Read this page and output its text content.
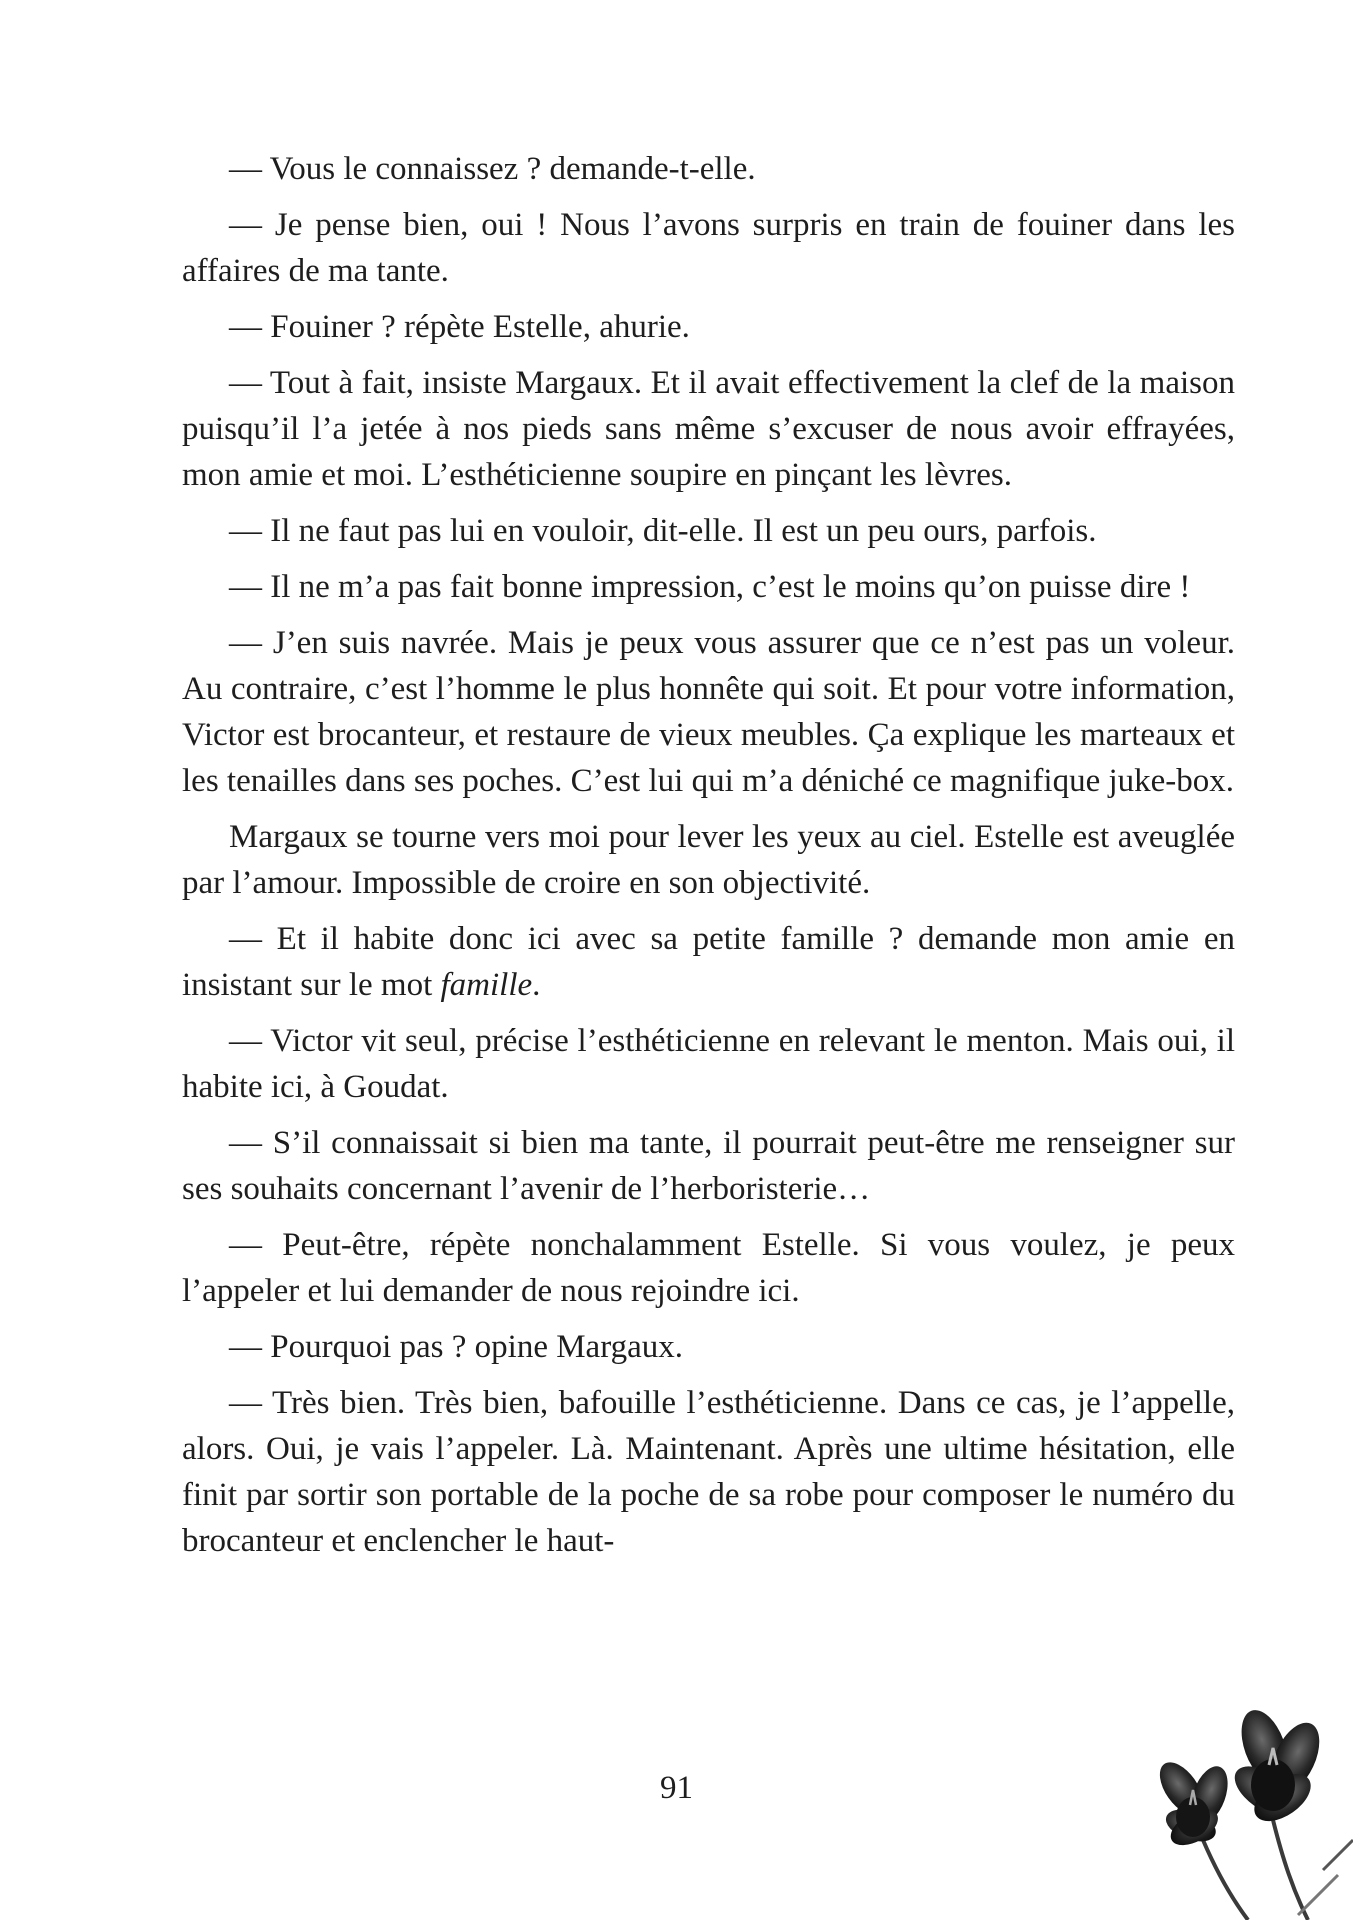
— Vous le connaissez ? demande-t-elle.

— Je pense bien, oui ! Nous l’avons surpris en train de fouiner dans les affaires de ma tante.

— Fouiner ? répète Estelle, ahurie.

— Tout à fait, insiste Margaux. Et il avait effectivement la clef de la maison puisqu’il l’a jetée à nos pieds sans même s’excuser de nous avoir effrayées, mon amie et moi. L’esthéticienne soupire en pinçant les lèvres.

— Il ne faut pas lui en vouloir, dit-elle. Il est un peu ours, parfois.

— Il ne m’a pas fait bonne impression, c’est le moins qu’on puisse dire !

— J’en suis navrée. Mais je peux vous assurer que ce n’est pas un voleur. Au contraire, c’est l’homme le plus honnête qui soit. Et pour votre information, Victor est brocanteur, et restaure de vieux meubles. Ça explique les marteaux et les tenailles dans ses poches. C’est lui qui m’a déniché ce magnifique juke-box.

Margaux se tourne vers moi pour lever les yeux au ciel. Estelle est aveuglée par l’amour. Impossible de croire en son objectivité.

— Et il habite donc ici avec sa petite famille ? demande mon amie en insistant sur le mot famille.

— Victor vit seul, précise l’esthéticienne en relevant le menton. Mais oui, il habite ici, à Goudat.

— S’il connaissait si bien ma tante, il pourrait peut-être me renseigner sur ses souhaits concernant l’avenir de l’herboristerie…

— Peut-être, répète nonchalamment Estelle. Si vous voulez, je peux l’appeler et lui demander de nous rejoindre ici.

— Pourquoi pas ? opine Margaux.

— Très bien. Très bien, bafouille l’esthéticienne. Dans ce cas, je l’appelle, alors. Oui, je vais l’appeler. Là. Maintenant. Après une ultime hésitation, elle finit par sortir son portable de la poche de sa robe pour composer le numéro du brocanteur et enclencher le haut-

91
